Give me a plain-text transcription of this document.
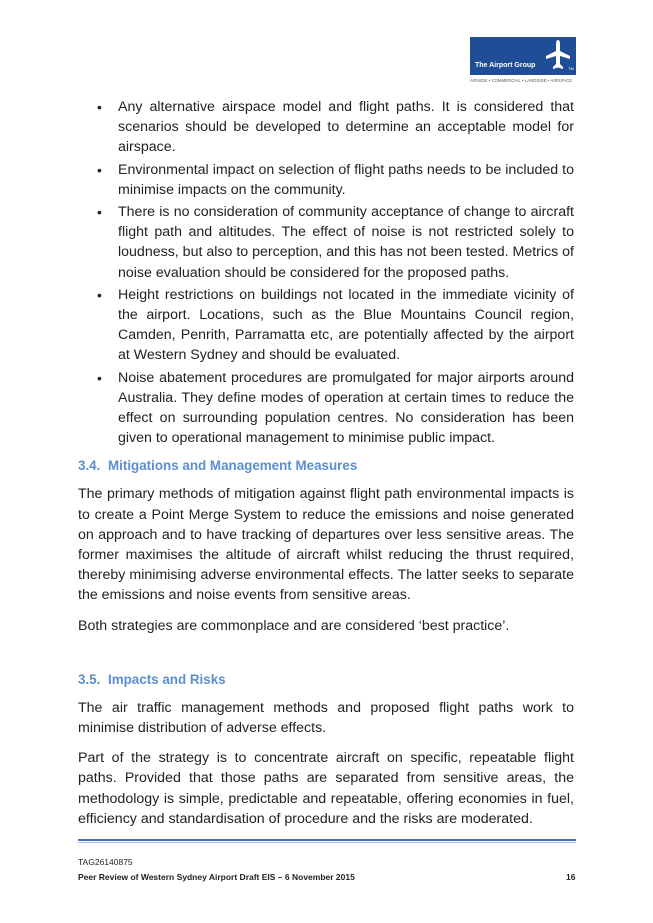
The Airport Group	TM
AIRSIDE • COMMERCIAL • LANDSIDE • AIRSPACE
• Any alternative airspace model and flight paths. It is considered that scenarios should be developed to determine an acceptable model for airspace.
• Environmental impact on selection of flight paths needs to be included to minimise impacts on the community.
• There is no consideration of community acceptance of change to aircraft flight path and altitudes. The effect of noise is not restricted solely to loudness, but also to perception, and this has not been tested. Metrics of noise evaluation should be considered for the proposed paths.
• Height restrictions on buildings not located in the immediate vicinity of the airport. Locations, such as the Blue Mountains Council region, Camden, Penrith, Parramatta etc, are potentially affected by the airport at Western Sydney and should be evaluated.
• Noise abatement procedures are promulgated for major airports around Australia. They define modes of operation at certain times to reduce the effect on surrounding population centres. No consideration has been given to operational management to minimise public impact.
3.4. Mitigations and Management Measures

The primary methods of mitigation against flight path environmental impacts is to create a Point Merge System to reduce the emissions and noise generated on approach and to have tracking of departures over less sensitive areas. The former maximises the altitude of aircraft whilst reducing the thrust required, thereby minimising adverse environmental effects. The latter seeks to separate the emissions and noise events from sensitive areas.

Both strategies are commonplace and are considered ‘best practice’.

3.5. Impacts and Risks

The air traffic management methods and proposed flight paths work to minimise distribution of adverse effects.

Part of the strategy is to concentrate aircraft on specific, repeatable flight paths. Provided that those paths are separated from sensitive areas, the methodology is simple, predictable and repeatable, offering economies in fuel, efficiency and standardisation of procedure and the risks are moderated.

TAG26140875
Peer Review of Western Sydney Airport Draft EIS – 6 November 2015	16
